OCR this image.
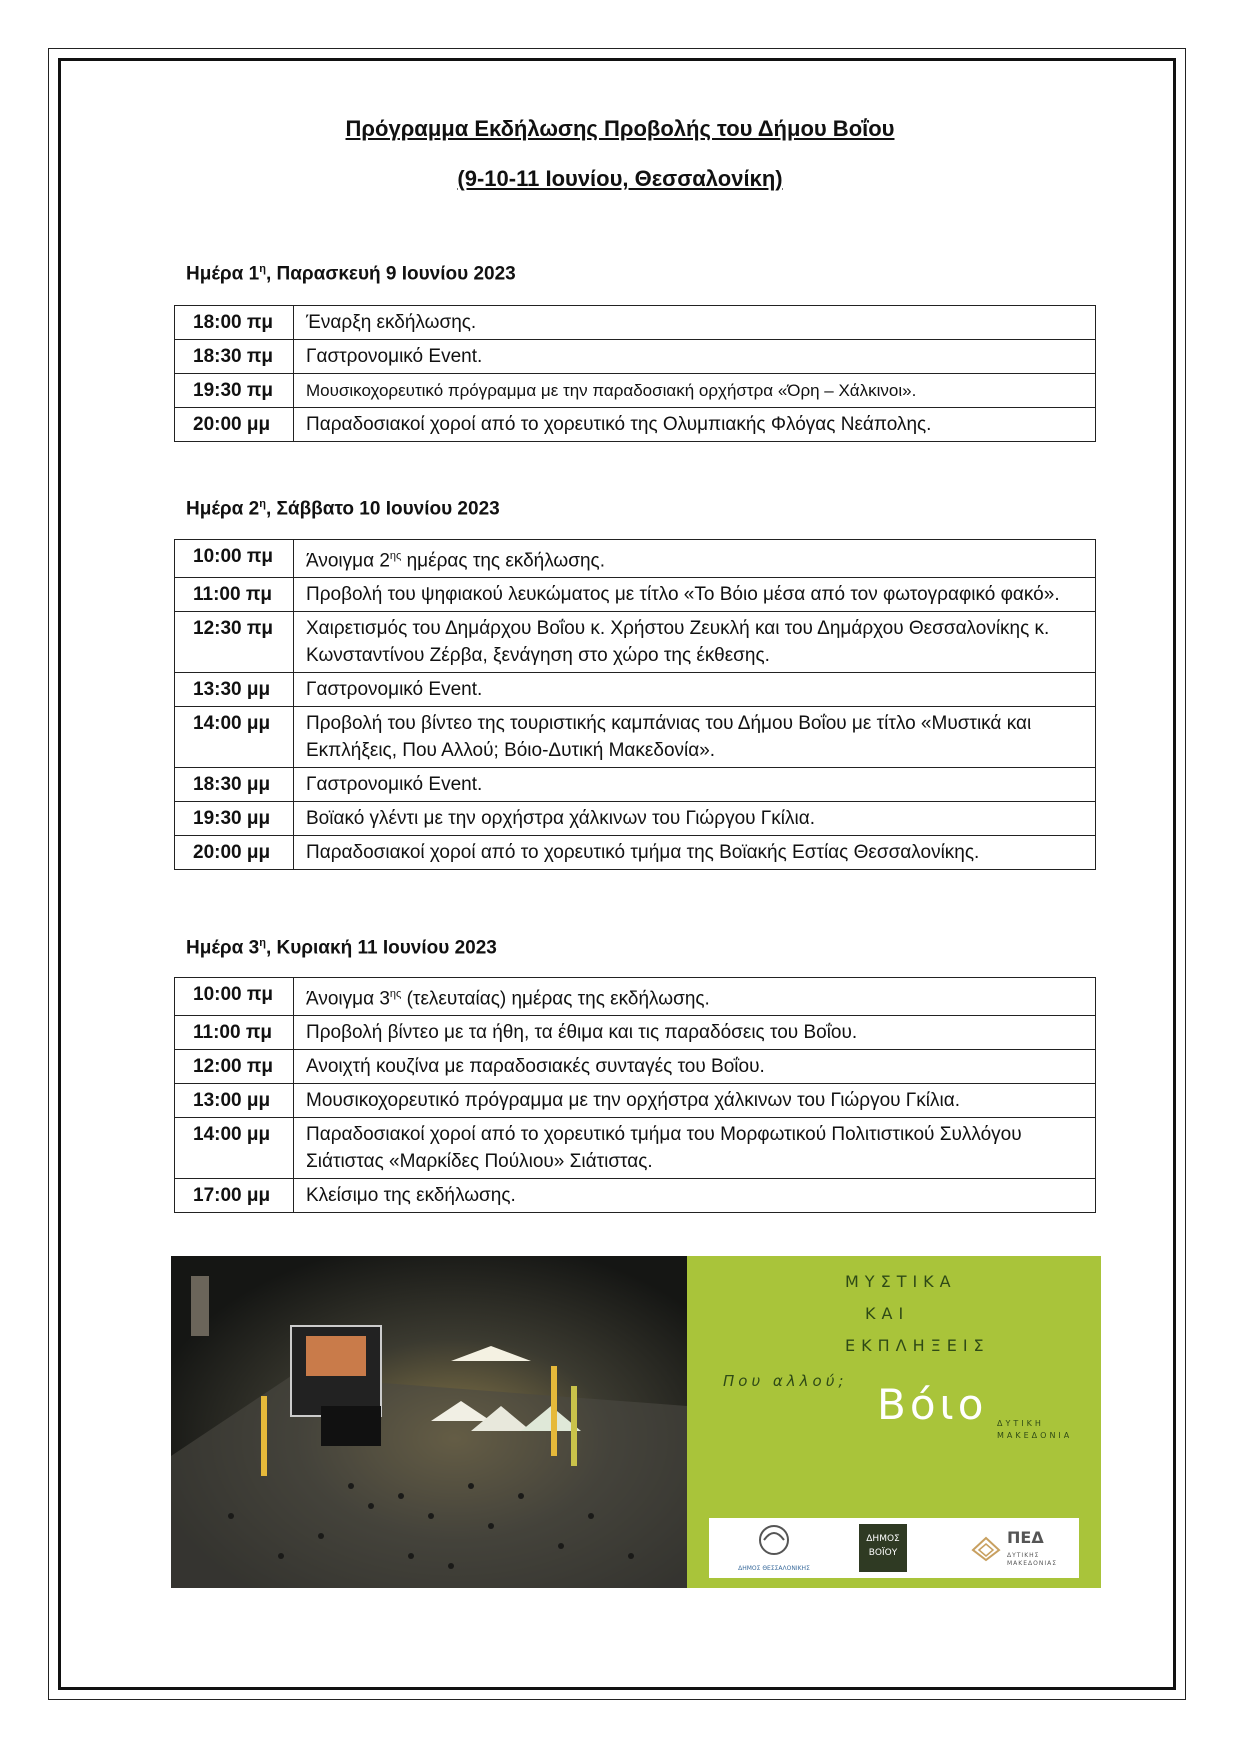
Πρόγραμμα Εκδήλωσης Προβολής του Δήμου Βοΐου
(9-10-11 Ιουνίου, Θεσσαλονίκη)
Ημέρα $1^\eta$, Παρασκευή 9 Ιουνίου 2023
18:00 πμ	Έναρξη εκδήλωσης.
18:30 πμ	Γαστρονομικό Event.
19:30 πμ	Μουσικοχορευτικό πρόγραμμα με την παραδοσιακή ορχήστρα «Όρη – Χάλκινοι».
20:00 μμ	Παραδοσιακοί χοροί από το χορευτικό της Ολυμπιακής Φλόγας Νεάπολης.
Ημέρα $2^\eta$, Σάββατο 10 Ιουνίου 2023
10:00 πμ	Άνοιγμα $2^{\eta\varsigma}$ ημέρας της εκδήλωσης.
11:00 πμ	Προβολή του ψηφιακού λευκώματος με τίτλο «Το Βόιο μέσα από τον φωτογραφικό φακό».
12:30 πμ	Χαιρετισμός του Δημάρχου Βοΐου κ. Χρήστου Ζευκλή και του Δημάρχου Θεσσαλονίκης κ. Κωνσταντίνου Ζέρβα, ξενάγηση στο χώρο της έκθεσης.
13:30 μμ	Γαστρονομικό Event.
14:00 μμ	Προβολή του βίντεο της τουριστικής καμπάνιας του Δήμου Βοΐου με τίτλο «Μυστικά και Εκπλήξεις, Που Αλλού; Βόιο-Δυτική Μακεδονία».
18:30 μμ	Γαστρονομικό Event.
19:30 μμ	Βοϊακό γλέντι με την ορχήστρα χάλκινων του Γιώργου Γκίλια.
20:00 μμ	Παραδοσιακοί χοροί από το χορευτικό τμήμα της Βοϊακής Εστίας Θεσσαλονίκης.
Ημέρα $3^\eta$, Κυριακή 11 Ιουνίου 2023
10:00 πμ	Άνοιγμα $3^{\eta\varsigma}$ (τελευταίας) ημέρας της εκδήλωσης.
11:00 πμ	Προβολή βίντεο με τα ήθη, τα έθιμα και τις παραδόσεις του Βοΐου.
12:00 πμ	Ανοιχτή κουζίνα με παραδοσιακές συνταγές του Βοΐου.
13:00 μμ	Μουσικοχορευτικό πρόγραμμα με την ορχήστρα χάλκινων του Γιώργου Γκίλια.
14:00 μμ	Παραδοσιακοί χοροί από το χορευτικό τμήμα του Μορφωτικού Πολιτιστικού Συλλόγου Σιάτιστας «Μαρκίδες Πούλιου» Σιάτιστας.
17:00 μμ	Κλείσιμο της εκδήλωσης.
ΜΥΣΤΙΚΑ
ΚΑΙ
ΕΚΠΛΗΞΕΙΣ
Που αλλού; Βόιο ΔΥΤΙΚΗ
ΜΑΚΕΔΟΝΙΑ
ΔΗΜΟΣ ΘΕΣΣΑΛΟΝΙΚΗΣ
ΔΗΜΟΣ
ΒΟΪΟΥ
ΠΕΔ
ΔΥΤΙΚΗΣ
ΜΑΚΕΔΟΝΙΑΣ
